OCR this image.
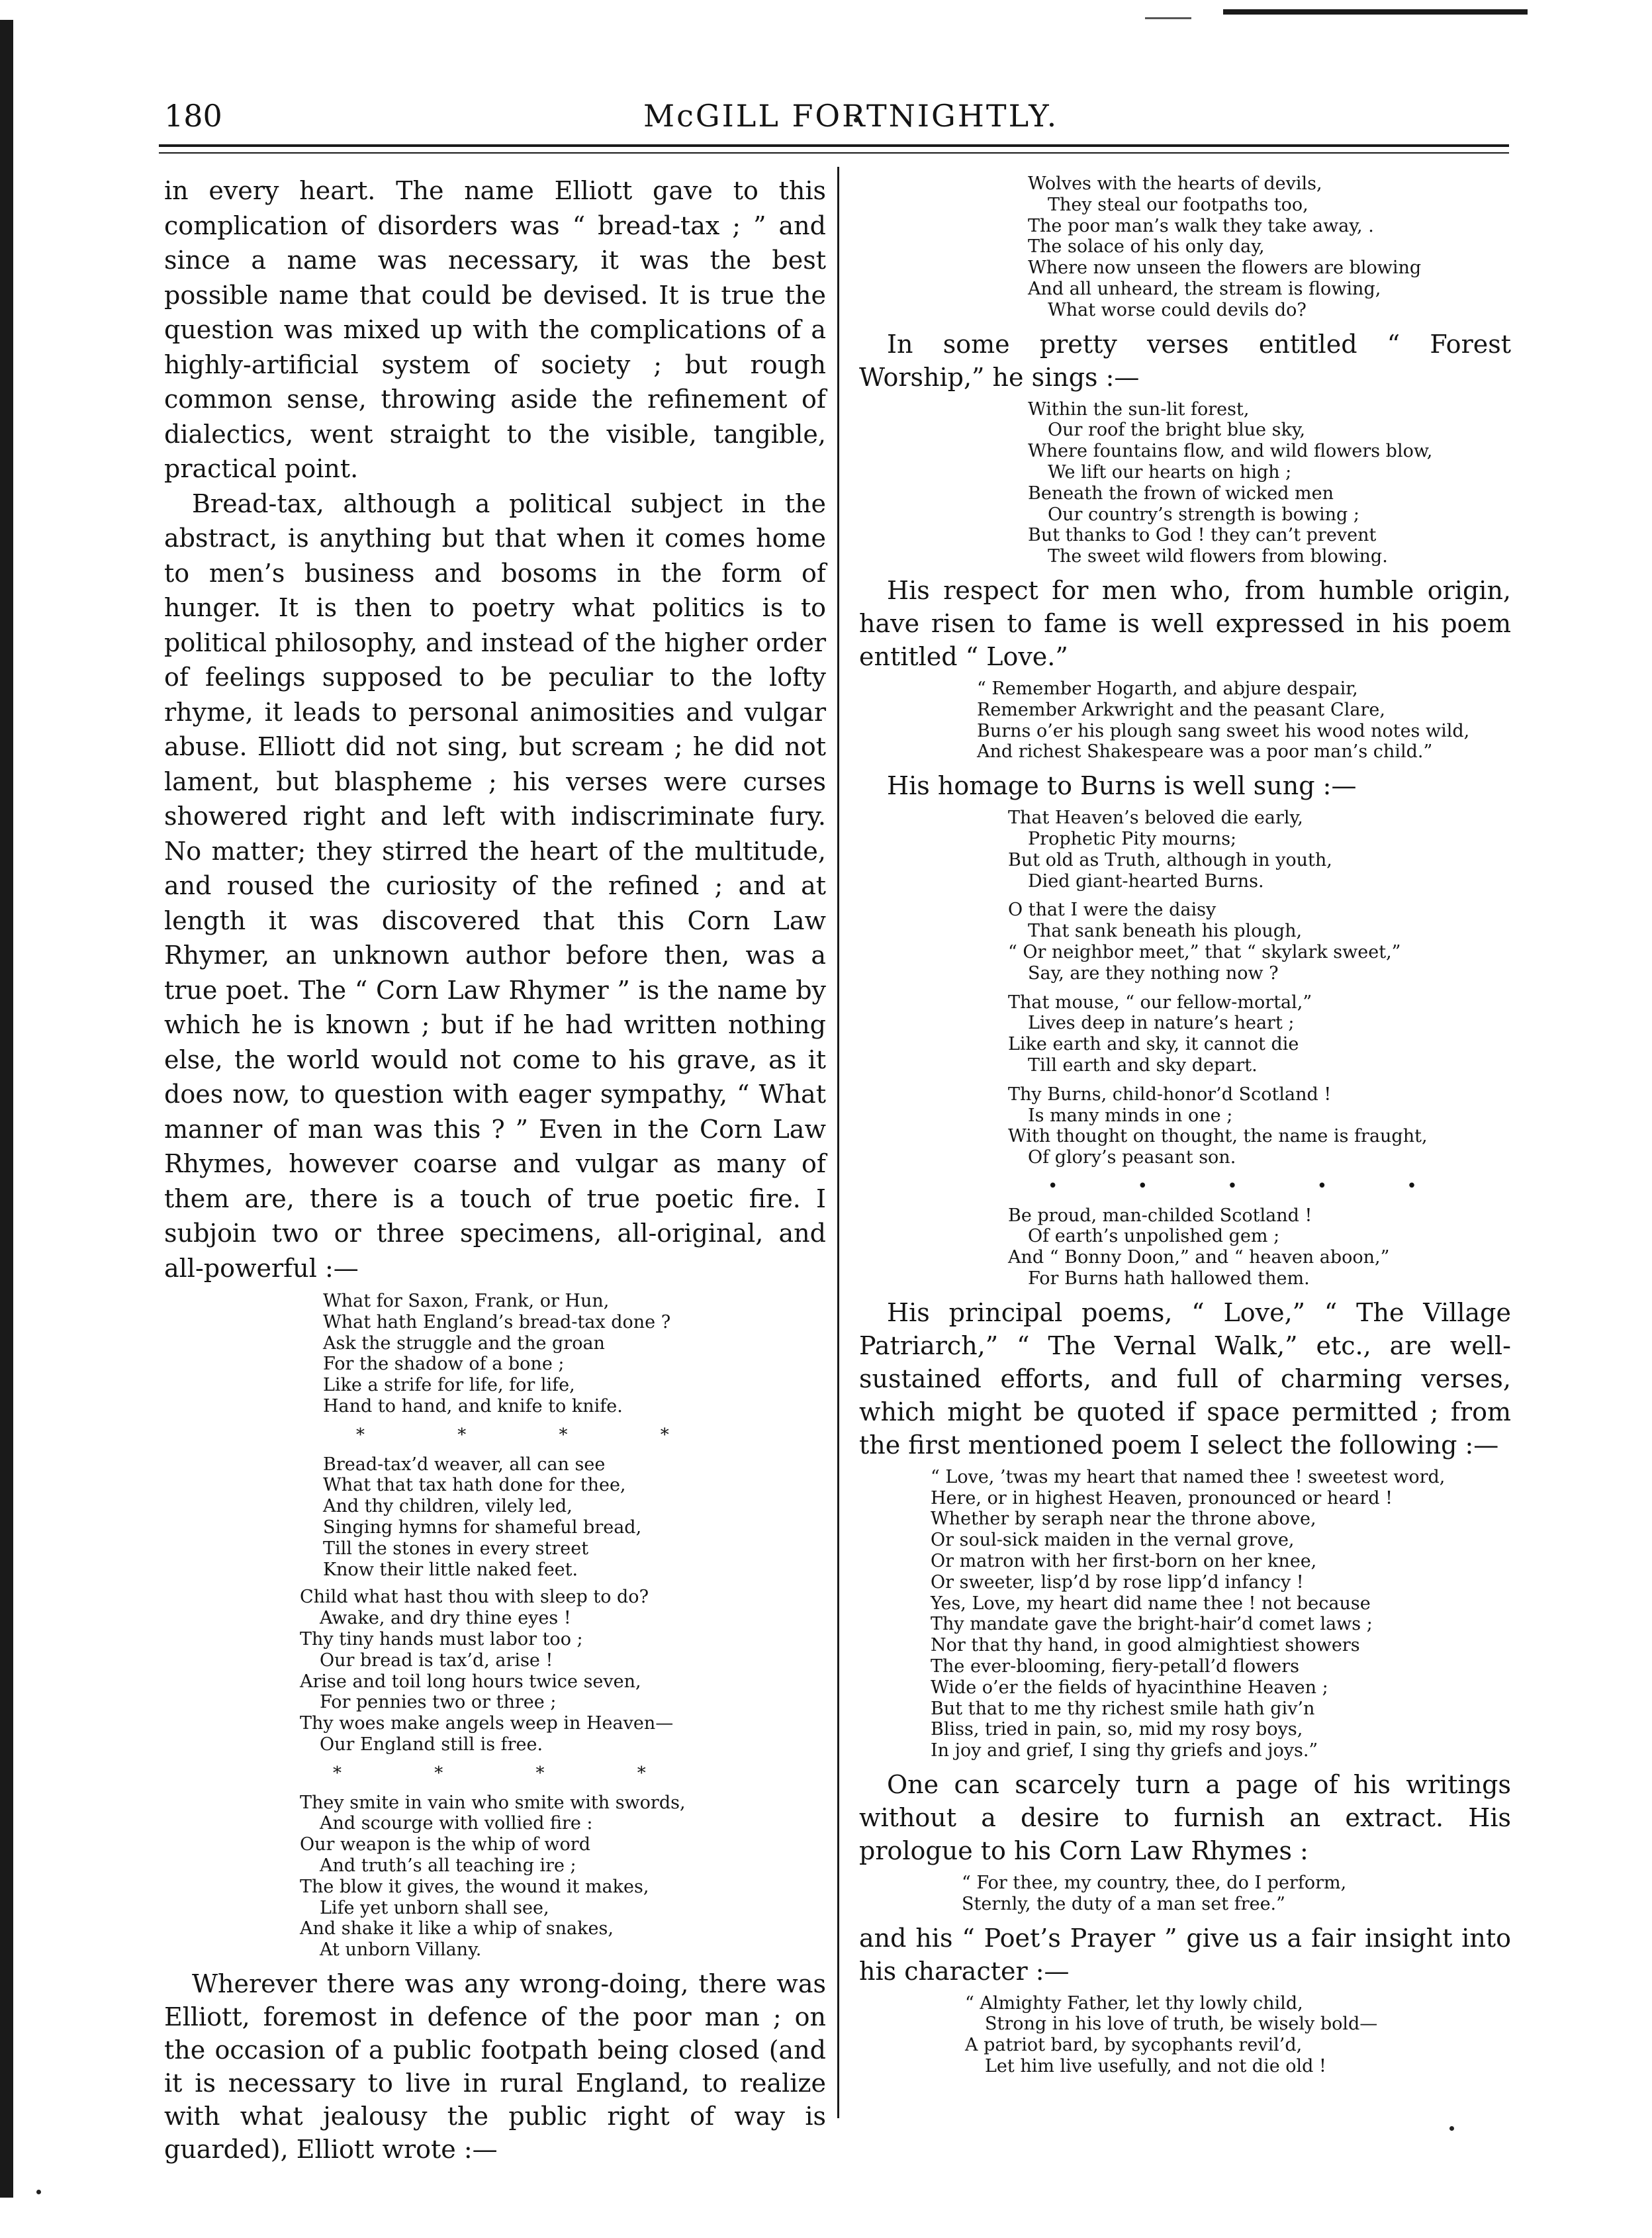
180	McGILL FORTNIGHTLY.

in every heart. The name Elliott gave to this complication of disorders was “ bread-tax ; ” and since a name was necessary, it was the best possible name that could be devised. It is true the question was mixed up with the complications of a highly-artificial system of society ; but rough common sense, throwing aside the refinement of dialectics, went straight to the visible, tangible, practical point.

Bread-tax, although a political subject in the abstract, is anything but that when it comes home to men’s business and bosoms in the form of hunger. It is then to poetry what politics is to political philosophy, and instead of the higher order of feelings supposed to be peculiar to the lofty rhyme, it leads to personal animosities and vulgar abuse. Elliott did not sing, but scream ; he did not lament, but blaspheme ; his verses were curses showered right and left with indiscriminate fury. No matter; they stirred the heart of the multitude, and roused the curiosity of the refined ; and at length it was discovered that this Corn Law Rhymer, an unknown author before then, was a true poet. The “ Corn Law Rhymer ” is the name by which he is known ; but if he had written nothing else, the world would not come to his grave, as it does now, to question with eager sympathy, “ What manner of man was this ? ” Even in the Corn Law Rhymes, however coarse and vulgar as many of them are, there is a touch of true poetic fire. I subjoin two or three specimens, all-original, and all-powerful :—

What for Saxon, Frank, or Hun,
What hath England’s bread-tax done ?
Ask the struggle and the groan
For the shadow of a bone ;
Like a strife for life, for life,
Hand to hand, and knife to knife.
* * * *
Bread-tax’d weaver, all can see
What that tax hath done for thee,
And thy children, vilely led,
Singing hymns for shameful bread,
Till the stones in every street
Know their little naked feet.
Child what hast thou with sleep to do?
Awake, and dry thine eyes !
Thy tiny hands must labor too ;
Our bread is tax’d, arise !
Arise and toil long hours twice seven,
For pennies two or three ;
Thy woes make angels weep in Heaven—
Our England still is free.
* * * *
They smite in vain who smite with swords,
And scourge with vollied fire :
Our weapon is the whip of word
And truth’s all teaching ire ;
The blow it gives, the wound it makes,
Life yet unborn shall see,
And shake it like a whip of snakes,
At unborn Villany.

Wherever there was any wrong-doing, there was Elliott, foremost in defence of the poor man ; on the occasion of a public footpath being closed (and it is necessary to live in rural England, to realize with what jealousy the public right of way is guarded), Elliott wrote :—

Wolves with the hearts of devils,
They steal our footpaths too,
The poor man’s walk they take away, .
The solace of his only day,
Where now unseen the flowers are blowing
And all unheard, the stream is flowing,
What worse could devils do?

In some pretty verses entitled “ Forest Worship,” he sings :—

Within the sun-lit forest,
Our roof the bright blue sky,
Where fountains flow, and wild flowers blow,
We lift our hearts on high ;
Beneath the frown of wicked men
Our country’s strength is bowing ;
But thanks to God ! they can’t prevent
The sweet wild flowers from blowing.

His respect for men who, from humble origin, have risen to fame is well expressed in his poem entitled “ Love.”

“ Remember Hogarth, and abjure despair,
Remember Arkwright and the peasant Clare,
Burns o’er his plough sang sweet his wood notes wild,
And richest Shakespeare was a poor man’s child.”

His homage to Burns is well sung :—

That Heaven’s beloved die early,
Prophetic Pity mourns;
But old as Truth, although in youth,
Died giant-hearted Burns.
O that I were the daisy
That sank beneath his plough,
“ Or neighbor meet,” that “ skylark sweet,”
Say, are they nothing now ?
That mouse, “ our fellow-mortal,”
Lives deep in nature’s heart ;
Like earth and sky, it cannot die
Till earth and sky depart.
Thy Burns, child-honor’d Scotland !
Is many minds in one ;
With thought on thought, the name is fraught,
Of glory’s peasant son.
• • • • •
Be proud, man-childed Scotland !
Of earth’s unpolished gem ;
And “ Bonny Doon,” and “ heaven aboon,”
For Burns hath hallowed them.

His principal poems, “ Love,” “ The Village Patriarch,” “ The Vernal Walk,” etc., are well-sustained efforts, and full of charming verses, which might be quoted if space permitted ; from the first mentioned poem I select the following :—

“ Love, ’twas my heart that named thee ! sweetest word,
Here, or in highest Heaven, pronounced or heard !
Whether by seraph near the throne above,
Or soul-sick maiden in the vernal grove,
Or matron with her first-born on her knee,
Or sweeter, lisp’d by rose lipp’d infancy !
Yes, Love, my heart did name thee ! not because
Thy mandate gave the bright-hair’d comet laws ;
Nor that thy hand, in good almightiest showers
The ever-blooming, fiery-petall’d flowers
Wide o’er the fields of hyacinthine Heaven ;
But that to me thy richest smile hath giv’n
Bliss, tried in pain, so, mid my rosy boys,
In joy and grief, I sing thy griefs and joys.”

One can scarcely turn a page of his writings without a desire to furnish an extract. His prologue to his Corn Law Rhymes :

“ For thee, my country, thee, do I perform,
Sternly, the duty of a man set free.”

and his “ Poet’s Prayer ” give us a fair insight into his character :—

“ Almighty Father, let thy lowly child,
Strong in his love of truth, be wisely bold—
A patriot bard, by sycophants revil’d,
Let him live usefully, and not die old !
